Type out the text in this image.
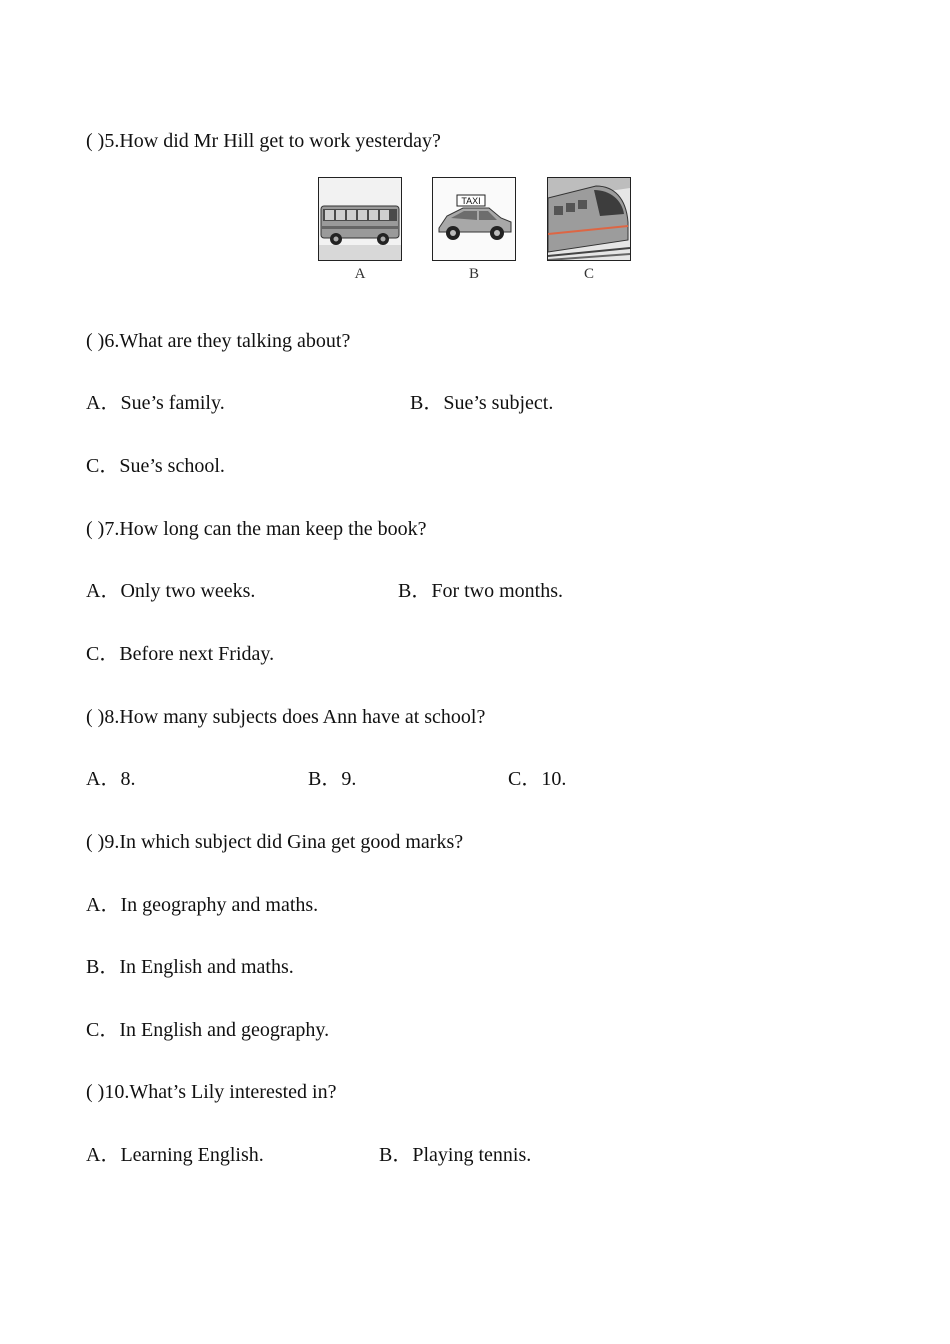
( )5.How did Mr Hill get to work yesterday?
A
TAXI
B	C
( )6.What are they talking about?
A．Sue’s family.	B．Sue’s subject.
C．Sue’s school.
( )7.How long can the man keep the book?
A．Only two weeks.	B．For two months.
C．Before next Friday.
( )8.How many subjects does Ann have at school?
A．8.	B．9.	C．10.
( )9.In which subject did Gina get good marks?
A．In geography and maths.
B．In English and maths.
C．In English and geography.
( )10.What’s Lily interested in?
A．Learning English.	B．Playing tennis.
